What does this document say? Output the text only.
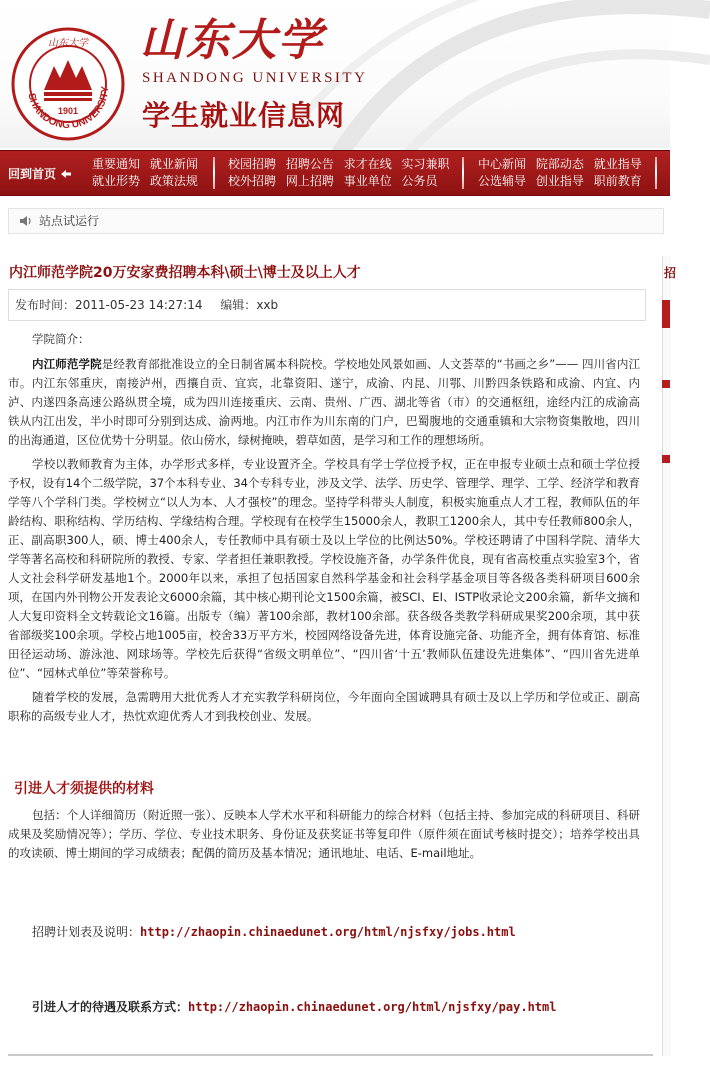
SHANDONG UNIVERSITY
山东大学
1901
山东大学
SHANDONG UNIVERSITY
学生就业信息网
回到首页
重要通知 就业新闻
就业形势 政策法规
校园招聘 招聘公告 求才在线 实习兼职
校外招聘 网上招聘 事业单位 公务员
中心新闻 院部动态 就业指导
公选辅导 创业指导 职前教育
站点试运行
招
内江师范学院20万安家费招聘本科\硕士\博士及以上人才
发布时间：2011-05-23 14:27:14 编辑：xxb

学院简介：

内江师范学院是经教育部批准设立的全日制省属本科院校。学校地处风景如画、人文荟萃的“书画之乡”—— 四川省内江市。内江东邻重庆，南接泸州，西攘自贡、宜宾，北靠资阳、遂宁，成渝、内昆、川鄂、川黔四条铁路和成渝、内宜、内泸、内遂四条高速公路纵贯全境，成为四川连接重庆、云南、贵州、广西、湖北等省（市）的交通枢纽，途经内江的成渝高铁从内江出发，半小时即可分别到达成、渝两地。内江市作为川东南的门户，巴蜀腹地的交通重镇和大宗物资集散地，四川的出海通道，区位优势十分明显。依山傍水，绿树掩映，碧草如茵，是学习和工作的理想场所。

学校以教师教育为主体，办学形式多样，专业设置齐全。学校具有学士学位授予权，正在申报专业硕士点和硕士学位授予权，设有14个二级学院，37个本科专业、34个专科专业，涉及文学、法学、历史学、管理学、理学、工学、经济学和教育学等八个学科门类。学校树立“以人为本、人才强校”的理念。坚持学科带头人制度，积极实施重点人才工程，教师队伍的年龄结构、职称结构、学历结构、学缘结构合理。学校现有在校学生15000余人，教职工1200余人，其中专任教师800余人，正、副高职300人，硕、博士400余人，专任教师中具有硕士及以上学位的比例达50%。学校还聘请了中国科学院、清华大学等著名高校和科研院所的教授、专家、学者担任兼职教授。学校设施齐备，办学条件优良，现有省高校重点实验室3个，省人文社会科学研发基地1个。2000年以来，承担了包括国家自然科学基金和社会科学基金项目等各级各类科研项目600余项，在国内外刊物公开发表论文6000余篇，其中核心期刊论文1500余篇，被SCI、EI、ISTP收录论文200余篇，新华文摘和人大复印资料全文转载论文16篇。出版专（编）著100余部，教材100余部。获各级各类教学科研成果奖200余项，其中获省部级奖100余项。学校占地1005亩，校舍33万平方米，校园网络设备先进，体育设施完备、功能齐全，拥有体育馆、标准田径运动场、游泳池、网球场等。学校先后获得“省级文明单位”、“四川省‘十五’教师队伍建设先进集体”、“四川省先进单位”、“园林式单位”等荣誉称号。

随着学校的发展，急需聘用大批优秀人才充实教学科研岗位，今年面向全国诚聘具有硕士及以上学历和学位或正、副高职称的高级专业人才，热忱欢迎优秀人才到我校创业、发展。

引进人才须提供的材料
包括：个人详细简历（附近照一张）、反映本人学术水平和科研能力的综合材料（包括主持、参加完成的科研项目、科研成果及奖励情况等）；学历、学位、专业技术职务、身份证及获奖证书等复印件（原件须在面试考核时提交）；培养学校出具的攻读硕、博士期间的学习成绩表；配偶的简历及基本情况；通讯地址、电话、E-mail地址。
招聘计划表及说明：http://zhaopin.chinaedunet.org/html/njsfxy/jobs.html
引进人才的待遇及联系方式：http://zhaopin.chinaedunet.org/html/njsfxy/pay.html
